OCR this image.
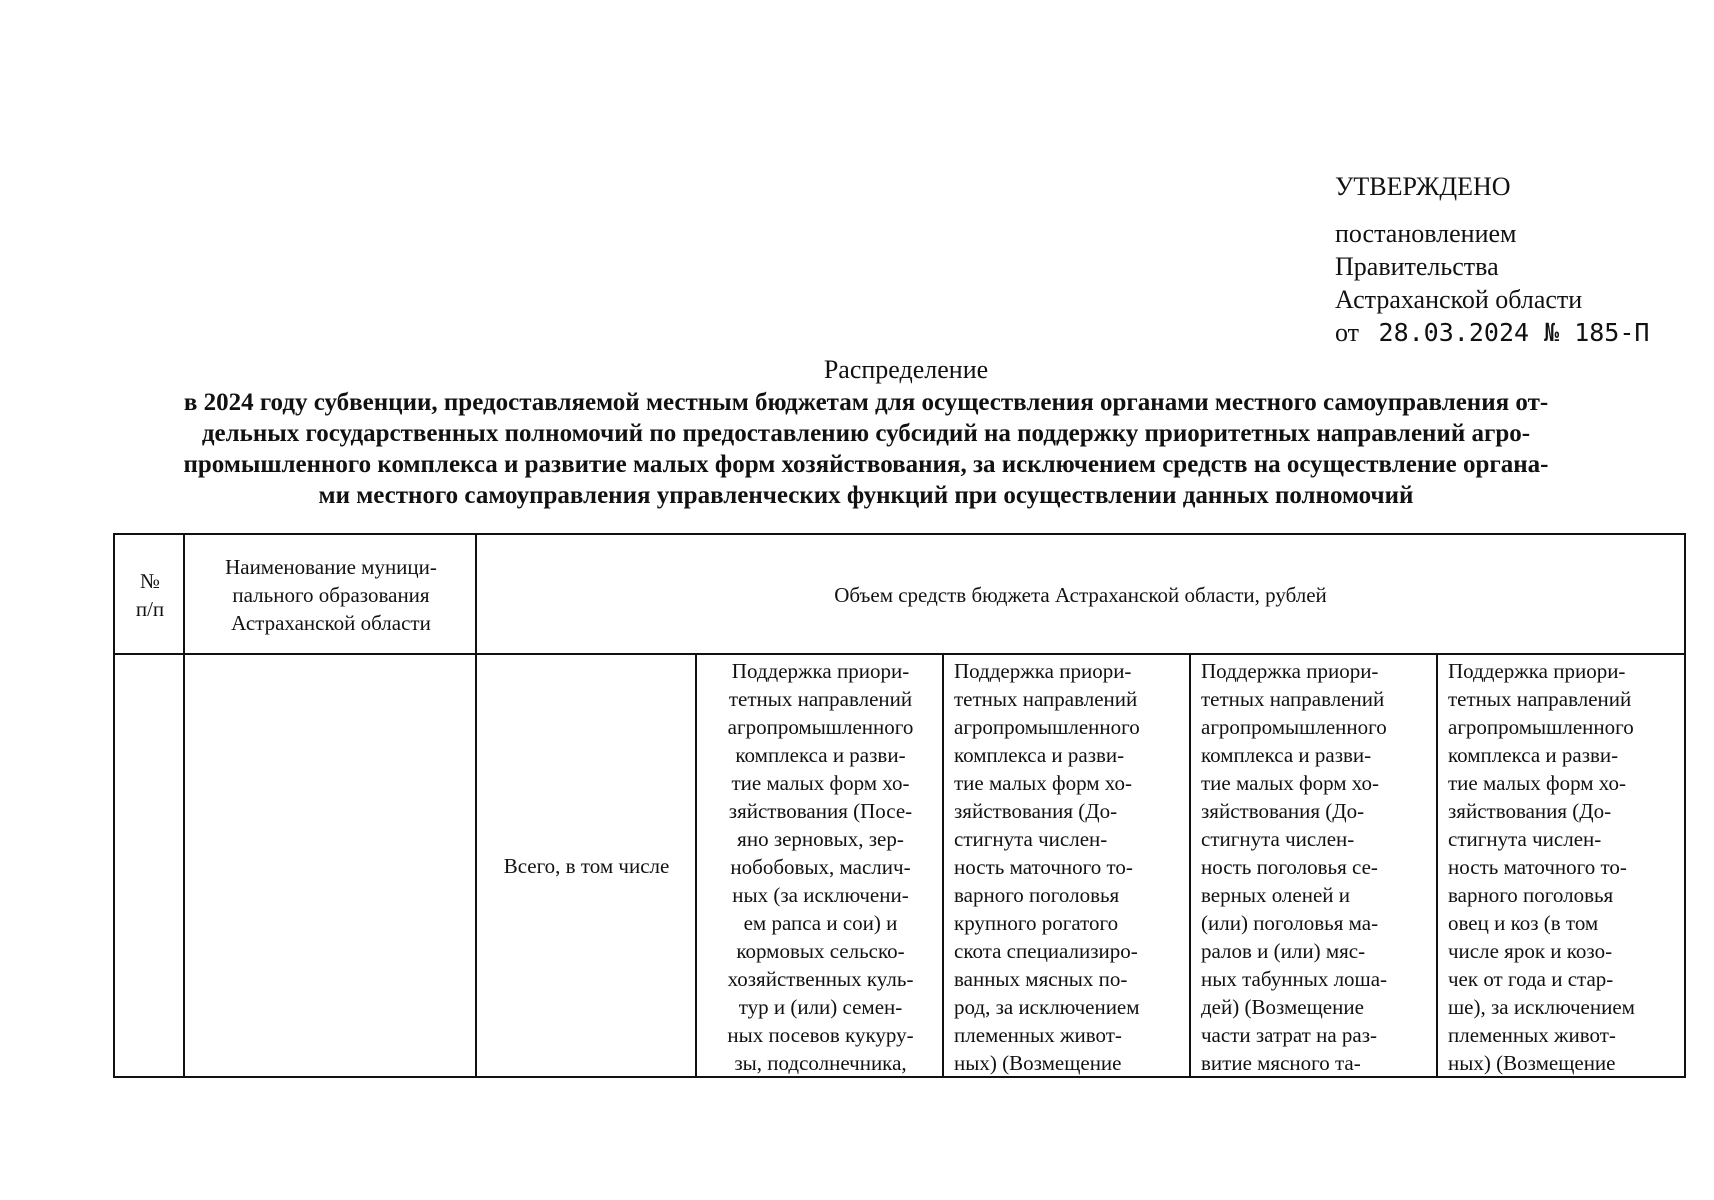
УТВЕРЖДЕНО
постановлением
Правительства
Астраханской области
от 28.03.2024 № 185-П
Распределение
в 2024 году субвенции, предоставляемой местным бюджетам для осуществления органами местного самоуправления от-
дельных государственных полномочий по предоставлению субсидий на поддержку приоритетных направлений агро-
промышленного комплекса и развитие малых форм хозяйствования, за исключением средств на осуществление органа-
ми местного самоуправления управленческих функций при осуществлении данных полномочий
№
п/п
Наименование муници-пального образования Астраханской области
Объем средств бюджета Астраханской области, рублей
Всего, в том числе
Поддержка приори-
тетных направлений
агропромышленного
комплекса и разви-
тие малых форм хо-
зяйствования (Посе-
яно зерновых, зер-
нобобовых, маслич-
ных (за исключени-
ем рапса и сои) и
кормовых сельско-
хозяйственных куль-
тур и (или) семен-
ных посевов кукуру-
зы, подсолнечника,
Поддержка приори-
тетных направлений
агропромышленного
комплекса и разви-
тие малых форм хо-
зяйствования (До-
стигнута числен-
ность маточного то-
варного поголовья
крупного рогатого
скота специализиро-
ванных мясных по-
род, за исключением
племенных живот-
ных) (Возмещение
Поддержка приори-
тетных направлений
агропромышленного
комплекса и разви-
тие малых форм хо-
зяйствования (До-
стигнута числен-
ность поголовья се-
верных оленей и
(или) поголовья ма-
ралов и (или) мяс-
ных табунных лоша-
дей) (Возмещение
части затрат на раз-
витие мясного та-
Поддержка приори-
тетных направлений
агропромышленного
комплекса и разви-
тие малых форм хо-
зяйствования (До-
стигнута числен-
ность маточного то-
варного поголовья
овец и коз (в том
числе ярок и козо-
чек от года и стар-
ше), за исключением
племенных живот-
ных) (Возмещение
